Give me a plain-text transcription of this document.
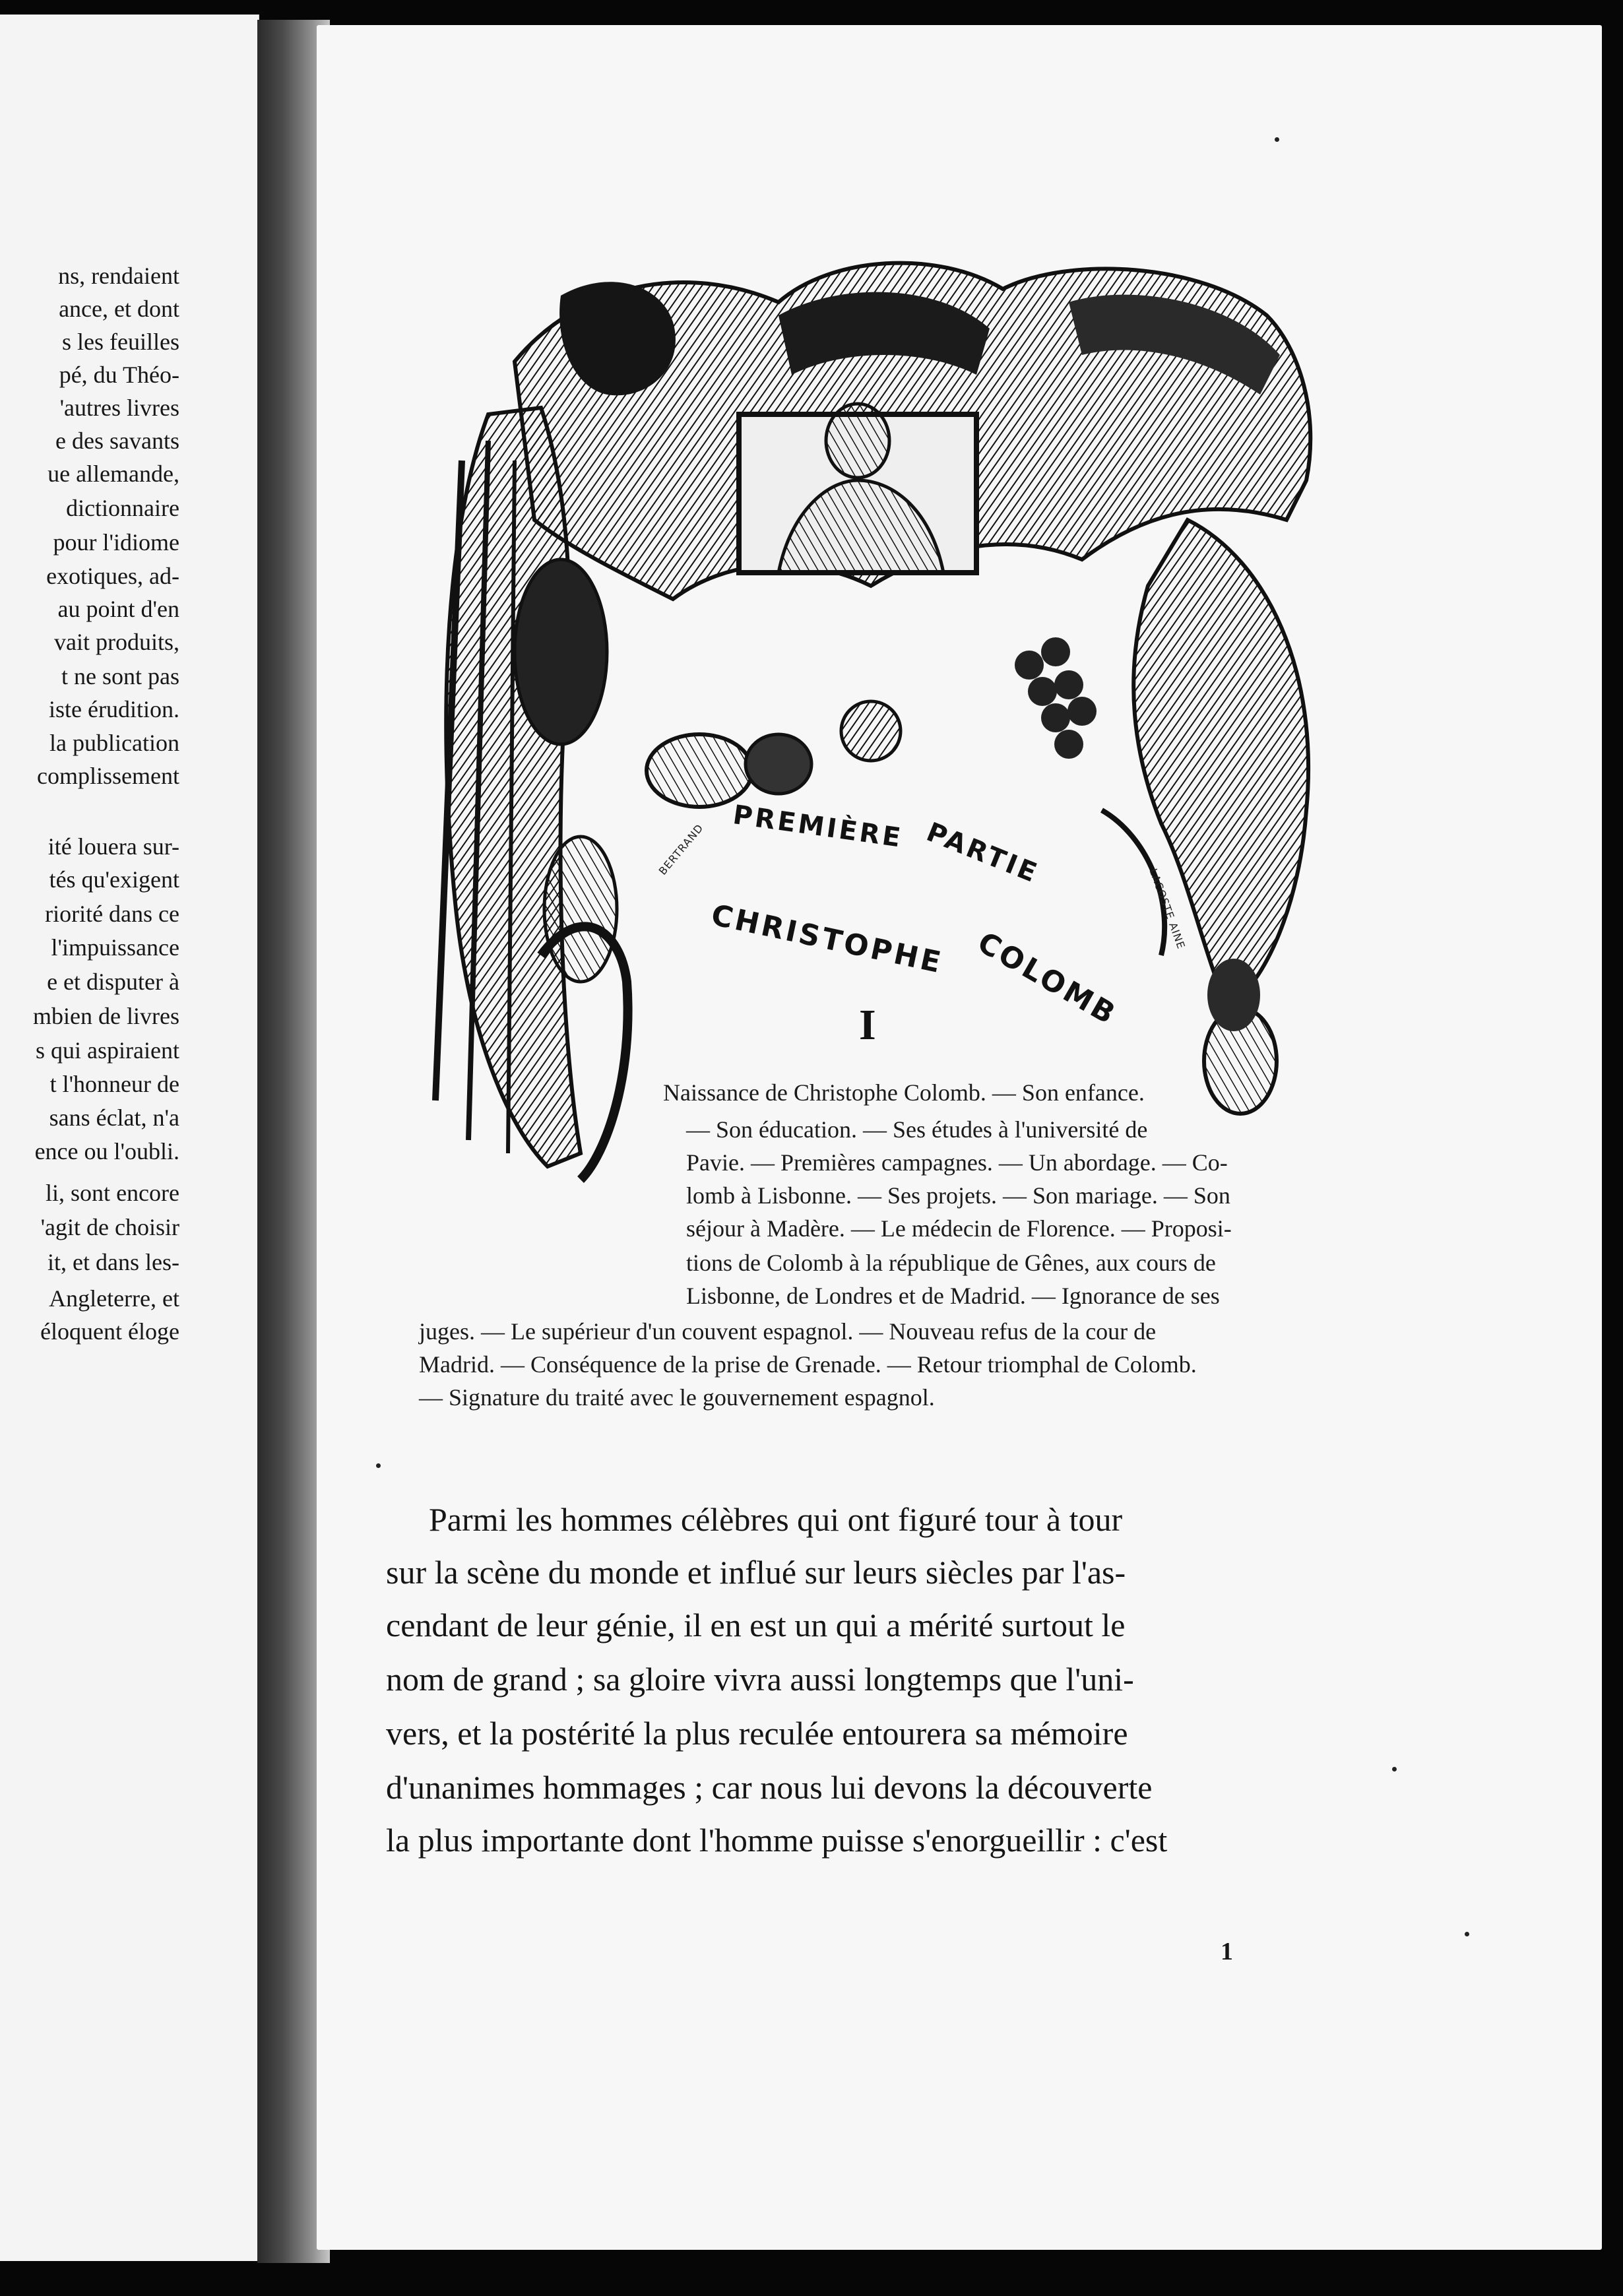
ns, rendaient
ance, et dont
s les feuilles
pé, du Théo-
'autres livres
e des savants
ue allemande,
dictionnaire
pour l'idiome
exotiques, ad-
au point d'en
vait produits,
t ne sont pas
iste érudition.
la publication
complissement
ité louera sur-
tés qu'exigent
riorité dans ce
l'impuissance
e et disputer à
mbien de livres
s qui aspiraient
t l'honneur de
sans éclat, n'a
ence ou l'oubli.
li, sont encore
'agit de choisir
it, et dans les-
Angleterre, et
éloquent éloge
PREMIÈRE PARTIE
CHRISTOPHE COLOMB
I
BERTRAND
LACOSTE AINE
Naissance de Christophe Colomb. — Son enfance.
— Son éducation. — Ses études à l'université de
Pavie. — Premières campagnes. — Un abordage. — Co-
lomb à Lisbonne. — Ses projets. — Son mariage. — Son
séjour à Madère. — Le médecin de Florence. — Proposi-
tions de Colomb à la république de Gênes, aux cours de
Lisbonne, de Londres et de Madrid. — Ignorance de ses
juges. — Le supérieur d'un couvent espagnol. — Nouveau refus de la cour de
Madrid. — Conséquence de la prise de Grenade. — Retour triomphal de Colomb.
— Signature du traité avec le gouvernement espagnol.
Parmi les hommes célèbres qui ont figuré tour à tour
sur la scène du monde et influé sur leurs siècles par l'as-
cendant de leur génie, il en est un qui a mérité surtout le
nom de grand ; sa gloire vivra aussi longtemps que l'uni-
vers, et la postérité la plus reculée entourera sa mémoire
d'unanimes hommages ; car nous lui devons la découverte
la plus importante dont l'homme puisse s'enorgueillir : c'est
1
